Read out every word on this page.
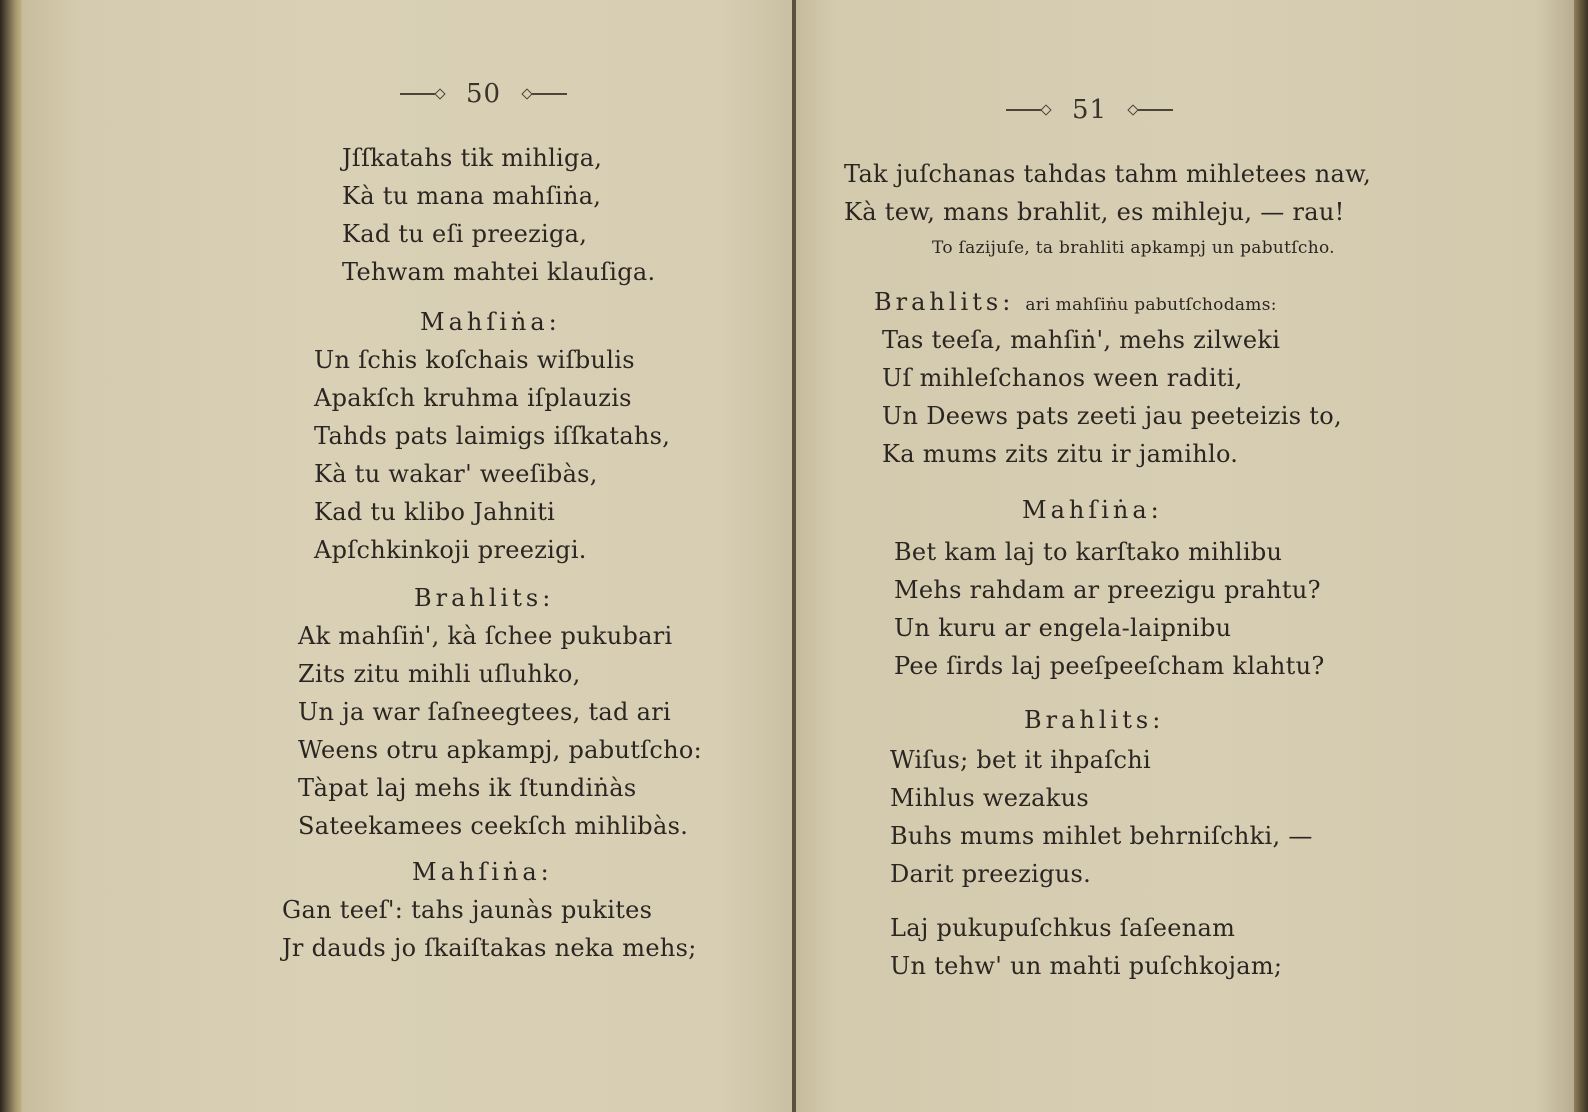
50
Jſſkatahs tik mihliga,
Kà tu mana mahſiṅa,
Kad tu eſi preezigа,
Tehwam mahtei klauſiga.
Mahſiṅa:
Un ſchis koſchais wiſbulis
Apakſch kruhma iſplauzis
Tahds pats laimigs iſſkatahs,
Kà tu wakar' weeſibàs,
Kad tu klibo Jahniti
Apſchkinkoji preezigi.
Brahlits:
Ak mahſiṅ', kà ſchee pukubari
Zits zitu mihli uſluhko,
Un ja war ſaſneegtees, tad ari
Weens otru apkampj, pabutſcho:
Tàpat laj mehs ik ſtundiṅàs
Sateekamees ceekſch mihlibàs.
Mahſiṅa:
Gan teeſ': tahs jaunàs pukites
Jr dauds jo ſkaiſtakas neka mehs;
51
Tak juſchanas tahdas tahm mihletees naw,
Kà tew, mans brahlit, es mihleju, — rau!
To ſazijuſe, ta brahliti apkampj un pabutſcho.
Brahlits: ari mahſiṅu pabutſchodams:
Tas teeſa, mahſiṅ', mehs zilweki
Uſ mihleſchanos ween raditi,
Un Deews pats zeeti jau peeteizis to,
Ka mums zits zitu ir jamihlo.
Mahſiṅa:
Bet kam laj to karſtako mihlibu
Mehs rahdam ar preezigu prahtu?
Un kuru ar engela-laipnibu
Pee ſirds laj peeſpeeſcham klahtu?
Brahlits:
Wiſus; bet it ihpaſchi
Mihlus wezakus
Buhs mums mihlet behrniſchki, —
Darit preezigus.
Laj pukupuſchkus ſaſeenam
Un tehw' un mahti puſchkojam;
